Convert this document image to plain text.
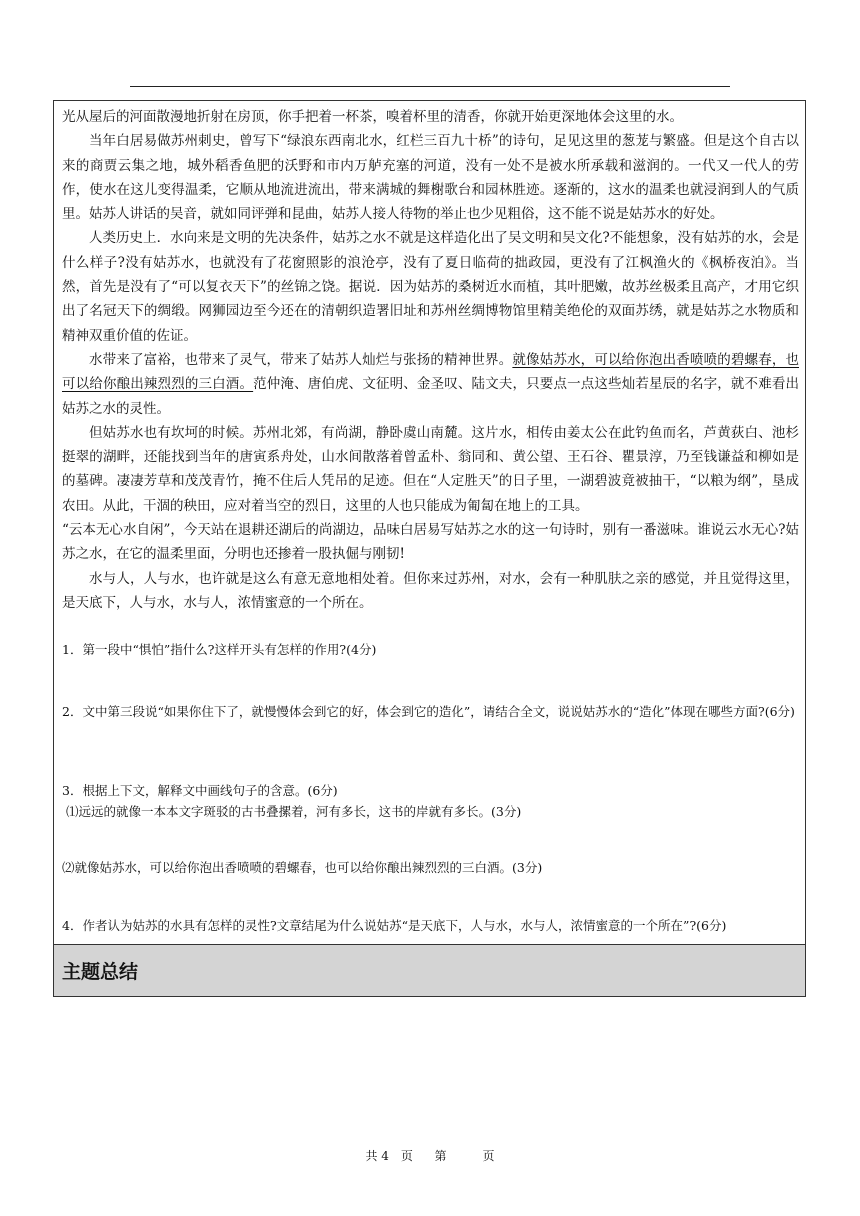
光从屋后的河面散漫地折射在房顶，你手把着一杯茶，嗅着杯里的清香，你就开始更深地体会这里的水。

当年白居易做苏州刺史，曾写下“绿浪东西南北水，红栏三百九十桥”的诗句，足见这里的葱茏与繁盛。但是这个自古以来的商贾云集之地，城外稻香鱼肥的沃野和市内万舻充塞的河道，没有一处不是被水所承载和滋润的。一代又一代人的劳作，使水在这儿变得温柔，它顺从地流进流出，带来满城的舞榭歌台和园林胜迹。逐渐的，这水的温柔也就浸润到人的气质里。姑苏人讲话的吴音，就如同评弹和昆曲，姑苏人接人待物的举止也少见粗俗，这不能不说是姑苏水的好处。

人类历史上．水向来是文明的先决条件，姑苏之水不就是这样造化出了吴文明和吴文化?不能想象，没有姑苏的水，会是什么样子?没有姑苏水，也就没有了花窗照影的浪沧亭，没有了夏日临荷的拙政园，更没有了江枫渔火的《枫桥夜泊》。当然，首先是没有了“可以复衣天下”的丝锦之饶。据说．因为姑苏的桑树近水而植，其叶肥嫩，故苏丝极柔且高产，才用它织出了名冠天下的绸缎。网狮园边至今还在的清朝织造署旧址和苏州丝绸博物馆里精美绝伦的双面苏绣，就是姑苏之水物质和精神双重价值的佐证。

水带来了富裕，也带来了灵气，带来了姑苏人灿烂与张扬的精神世界。就像姑苏水，可以给你泡出香喷喷的碧螺春，也可以给你酿出辣烈烈的三白酒。范仲淹、唐伯虎、文征明、金圣叹、陆文夫，只要点一点这些灿若星辰的名字，就不难看出姑苏之水的灵性。

但姑苏水也有坎坷的时候。苏州北郊，有尚湖，静卧虞山南麓。这片水，相传由姜太公在此钓鱼而名，芦黄荻白、池杉挺翠的湖畔，还能找到当年的唐寅系舟处，山水间散落着曾孟朴、翁同和、黄公望、王石谷、瞿景淳，乃至钱谦益和柳如是的墓碑。凄凄芳草和茂茂青竹，掩不住后人凭吊的足迹。但在“人定胜天”的日子里，一湖碧波竟被抽干，“以粮为纲”，垦成农田。从此，干涸的秧田，应对着当空的烈日，这里的人也只能成为匍匐在地上的工具。

“云本无心水自闲”，今天站在退耕还湖后的尚湖边，品味白居易写姑苏之水的这一句诗时，别有一番滋味。谁说云水无心?姑苏之水，在它的温柔里面，分明也还掺着一股执倔与刚韧!

水与人，人与水，也许就是这么有意无意地相处着。但你来过苏州，对水，会有一种肌肤之亲的感觉，并且觉得这里，是天底下，人与水，水与人，浓情蜜意的一个所在。

1．第一段中“惧怕”指什么?这样开头有怎样的作用?(4分)
2．文中第三段说“如果你住下了，就慢慢体会到它的好，体会到它的造化”，请结合全文，说说姑苏水的“造化”体现在哪些方面?(6分)
3．根据上下文，解释文中画线句子的含意。(6分)
⑴远远的就像一本本文字斑驳的古书叠摞着，河有多长，这书的岸就有多长。(3分)
⑵就像姑苏水，可以给你泡出香喷喷的碧螺春，也可以给你酿出辣烈烈的三白酒。(3分)
4．作者认为姑苏的水具有怎样的灵性?文章结尾为什么说姑苏“是天底下，人与水，水与人，浓情蜜意的一个所在”?(6分)
主题总结
共 4　页 第　　　页
